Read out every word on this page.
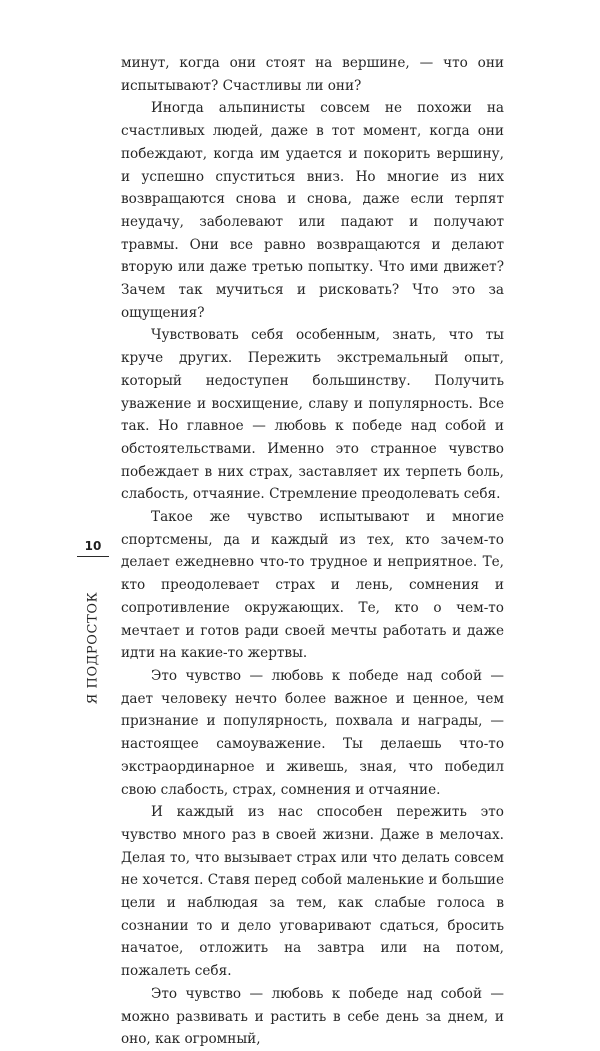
минут, когда они стоят на вершине, — что они испытывают? Счастливы ли они?

Иногда альпинисты совсем не похожи на счастливых людей, даже в тот момент, когда они побеждают, когда им удается и покорить вершину, и успешно спуститься вниз. Но многие из них возвращаются снова и снова, даже если терпят неудачу, заболевают или падают и получают травмы. Они все равно возвращаются и делают вторую или даже третью попытку. Что ими движет? Зачем так мучиться и рисковать? Что это за ощущения?

Чувствовать себя особенным, знать, что ты круче других. Пережить экстремальный опыт, который недоступен большинству. Получить уважение и восхищение, славу и популярность. Все так. Но главное — любовь к победе над собой и обстоятельствами. Именно это странное чувство побеждает в них страх, заставляет их терпеть боль, слабость, отчаяние. Стремление преодолевать себя.

Такое же чувство испытывают и многие спортсмены, да и каждый из тех, кто зачем-то делает ежедневно что-то трудное и неприятное. Те, кто преодолевает страх и лень, сомнения и сопротивление окружающих. Те, кто о чем-то мечтает и готов ради своей мечты работать и даже идти на какие-то жертвы.

Это чувство — любовь к победе над собой — дает человеку нечто более важное и ценное, чем признание и популярность, похвала и награды, — настоящее самоуважение. Ты делаешь что-то экстраординарное и живешь, зная, что победил свою слабость, страх, сомнения и отчаяние.

И каждый из нас способен пережить это чувство много раз в своей жизни. Даже в мелочах. Делая то, что вызывает страх или что делать совсем не хочется. Ставя перед собой маленькие и большие цели и наблюдая за тем, как слабые голоса в сознании то и дело уговаривают сдаться, бросить начатое, отложить на завтра или на потом, пожалеть себя.

Это чувство — любовь к победе над собой — можно развивать и растить в себе день за днем, и оно, как огромный,

10
Я ПОДРОСТОК
